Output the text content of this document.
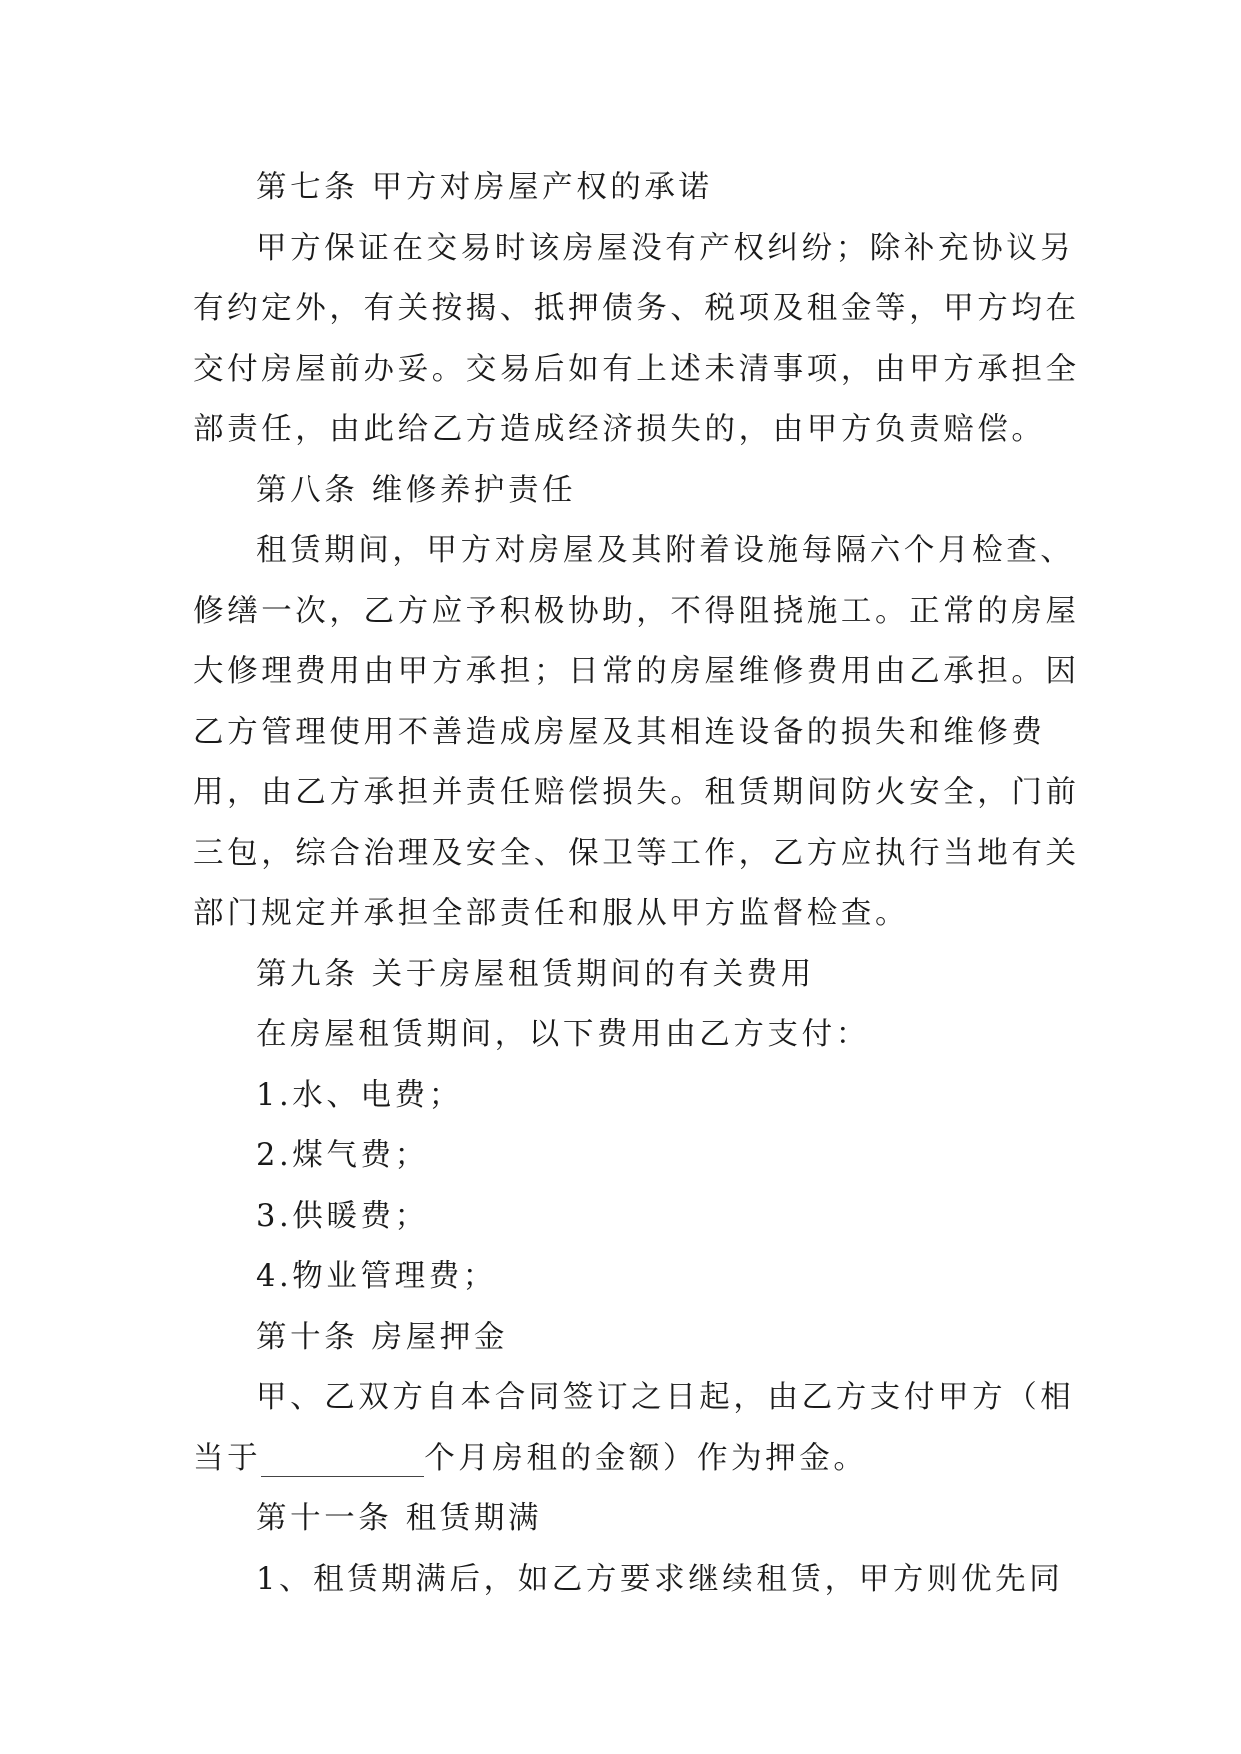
第七条 甲方对房屋产权的承诺
甲方保证在交易时该房屋没有产权纠纷；除补充协议另
有约定外，有关按揭、抵押债务、税项及租金等，甲方均在
交付房屋前办妥。交易后如有上述未清事项，由甲方承担全
部责任，由此给乙方造成经济损失的，由甲方负责赔偿。
第八条 维修养护责任
租赁期间，甲方对房屋及其附着设施每隔六个月检查、
修缮一次，乙方应予积极协助，不得阻挠施工。正常的房屋
大修理费用由甲方承担；日常的房屋维修费用由乙承担。因
乙方管理使用不善造成房屋及其相连设备的损失和维修费
用，由乙方承担并责任赔偿损失。租赁期间防火安全，门前
三包，综合治理及安全、保卫等工作，乙方应执行当地有关
部门规定并承担全部责任和服从甲方监督检查。
第九条 关于房屋租赁期间的有关费用
在房屋租赁期间，以下费用由乙方支付：
1.水、电费；
2.煤气费；
3.供暖费；
4.物业管理费；
第十条 房屋押金
甲、乙双方自本合同签订之日起，由乙方支付甲方（相
当于	个月房租的金额）作为押金。
第十一条 租赁期满
1、租赁期满后，如乙方要求继续租赁，甲方则优先同
